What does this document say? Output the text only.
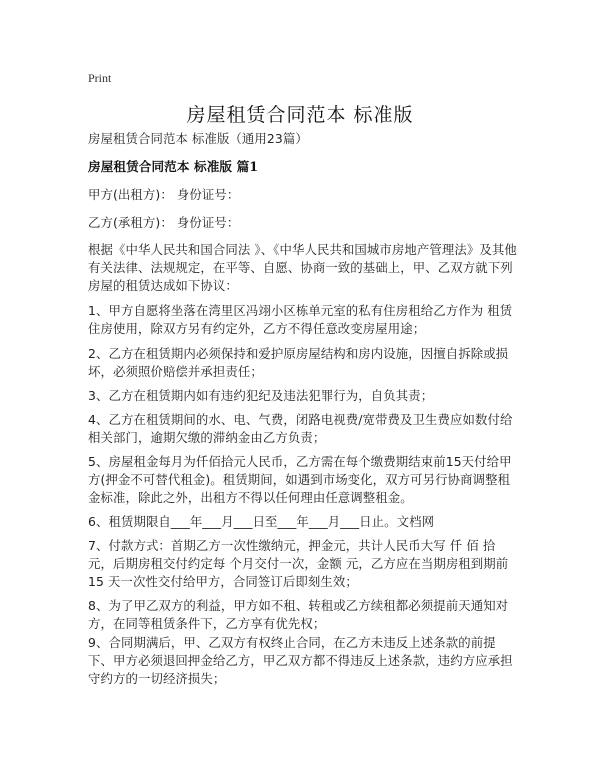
Print
房屋租赁合同范本 标准版
房屋租赁合同范本 标准版（通用23篇）
房屋租赁合同范本 标准版 篇1
甲方(出租方)： 身份证号：
乙方(承租方)： 身份证号：
根据《中华人民共和国合同法 》、《中华人民共和国城市房地产管理法》及其他有关法律、法规规定，在平等、自愿、协商一致的基础上，甲、乙双方就下列房屋的租赁达成如下协议：
1、甲方自愿将坐落在湾里区冯翊小区栋单元室的私有住房租给乙方作为 租赁住房使用，除双方另有约定外，乙方不得任意改变房屋用途；
2、乙方在租赁期内必须保持和爱护原房屋结构和房内设施，因擅自拆除或损坏，必须照价赔偿并承担责任；
3、乙方在租赁期内如有违约犯纪及违法犯罪行为，自负其责；
4、乙方在租赁期间的水、电、气费，闭路电视费/宽带费及卫生费应如数付给相关部门，逾期欠缴的滞纳金由乙方负责；
5、房屋租金每月为仟佰拾元人民币，乙方需在每个缴费期结束前15天付给甲方(押金不可替代租金)。租赁期间，如遇到市场变化，双方可另行协商调整租金标准，除此之外，出租方不得以任何理由任意调整租金。
6、租赁期限自___年___月___日至___年___月___日止。文档网
7、付款方式：首期乙方一次性缴纳元，押金元，共计人民币大写 仟 佰 拾 元，后期房租交付约定每 个月交付一次，金额 元，乙方应在当期房租到期前 15 天一次性交付给甲方，合同签订后即刻生效；
8、为了甲乙双方的利益，甲方如不租、转租或乙方续租都必须提前天通知对方，在同等租赁条件下，乙方享有优先权；
9、合同期满后，甲、乙双方有权终止合同，在乙方未违反上述条款的前提下、甲方必须退回押金给乙方，甲乙双方都不得违反上述条款，违约方应承担守约方的一切经济损失；
